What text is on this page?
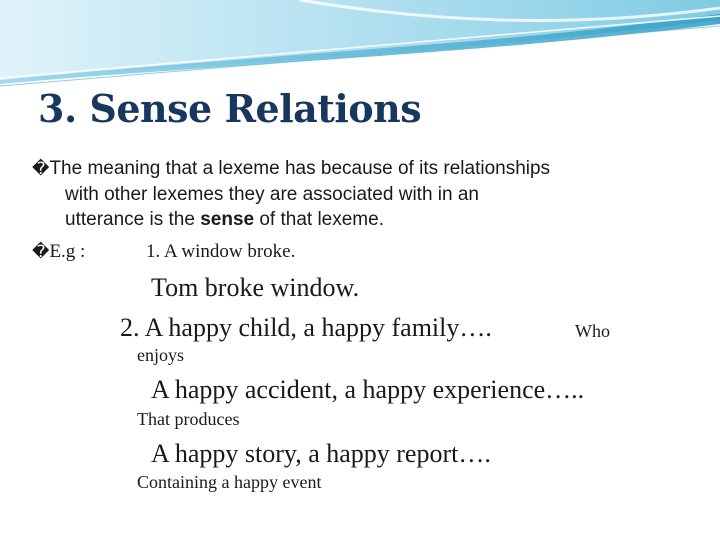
3. Sense Relations
�The meaning that a lexeme has because of its relationships
with other lexemes they are associated with in an
utterance is the sense of that lexeme.
�E.g :	1. A window broke.
Tom broke window.
2. A happy child, a happy family….	Who
enjoys
A happy accident, a happy experience…..
That produces
A happy story, a happy report….
Containing a happy event
